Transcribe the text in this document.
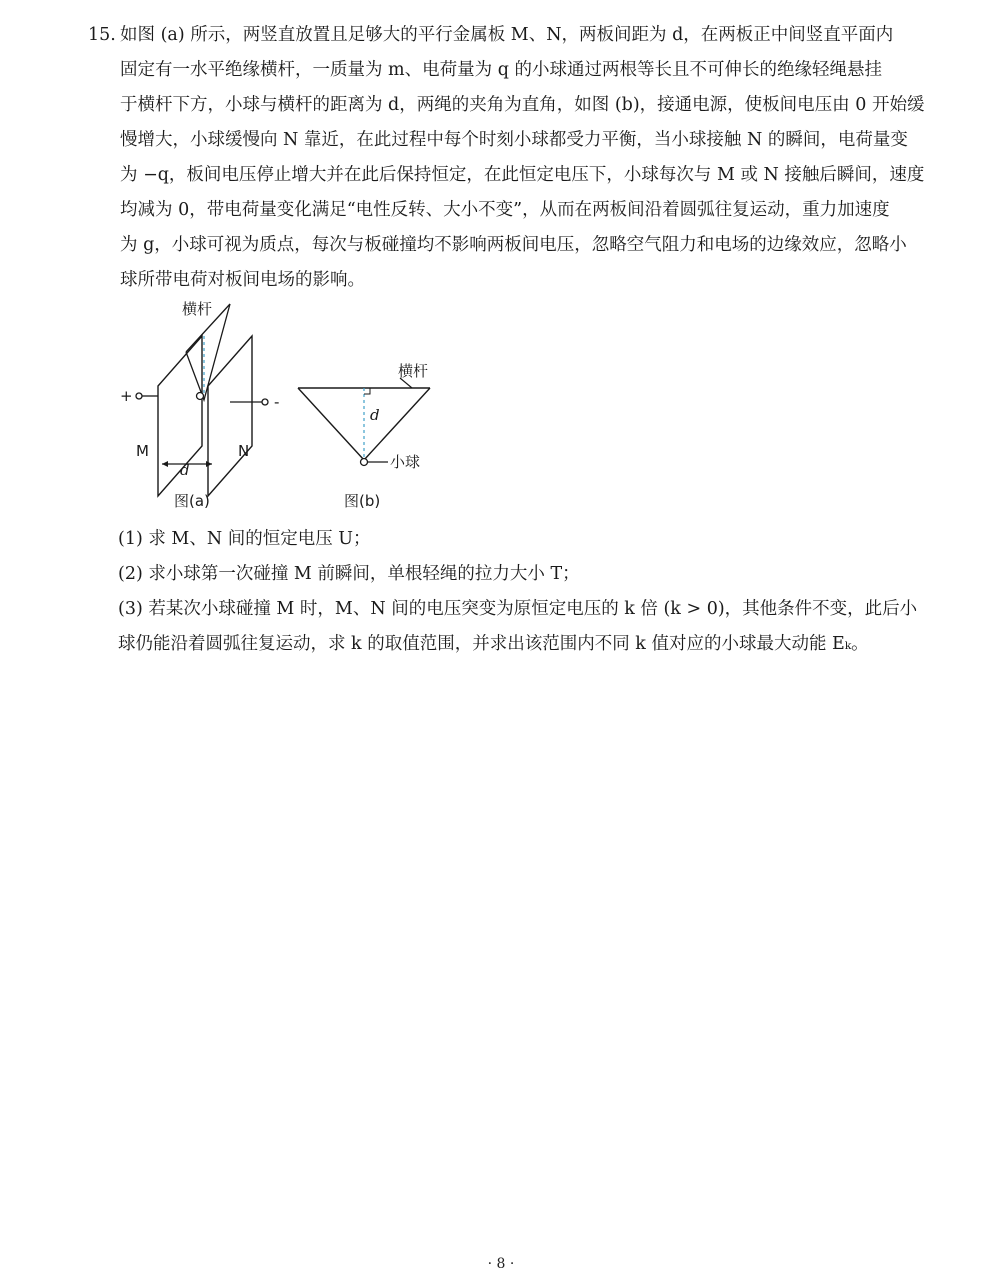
15. 如图 (a) 所示，两竖直放置且足够大的平行金属板 M、N，两板间距为 d，在两板正中间竖直平面内
固定有一水平绝缘横杆，一质量为 m、电荷量为 q 的小球通过两根等长且不可伸长的绝缘轻绳悬挂
于横杆下方，小球与横杆的距离为 d，两绳的夹角为直角，如图 (b)，接通电源，使板间电压由 0 开始缓
慢增大，小球缓慢向 N 靠近，在此过程中每个时刻小球都受力平衡，当小球接触 N 的瞬间，电荷量变
为 −q，板间电压停止增大并在此后保持恒定，在此恒定电压下，小球每次与 M 或 N 接触后瞬间，速度
均减为 0，带电荷量变化满足“电性反转、大小不变”，从而在两板间沿着圆弧往复运动，重力加速度
为 g，小球可视为质点，每次与板碰撞均不影响两板间电压，忽略空气阻力和电场的边缘效应，忽略小
球所带电荷对板间电场的影响。
+	-
M	N
d
横杆
图(a)
小球
横杆
d
图(b)
(1) 求 M、N 间的恒定电压 U；
(2) 求小球第一次碰撞 M 前瞬间，单根轻绳的拉力大小 T；
(3) 若某次小球碰撞 M 时，M、N 间的电压突变为原恒定电压的 k 倍 (k > 0)，其他条件不变，此后小
球仍能沿着圆弧往复运动，求 k 的取值范围，并求出该范围内不同 k 值对应的小球最大动能 Eₖ。
· 8 ·
